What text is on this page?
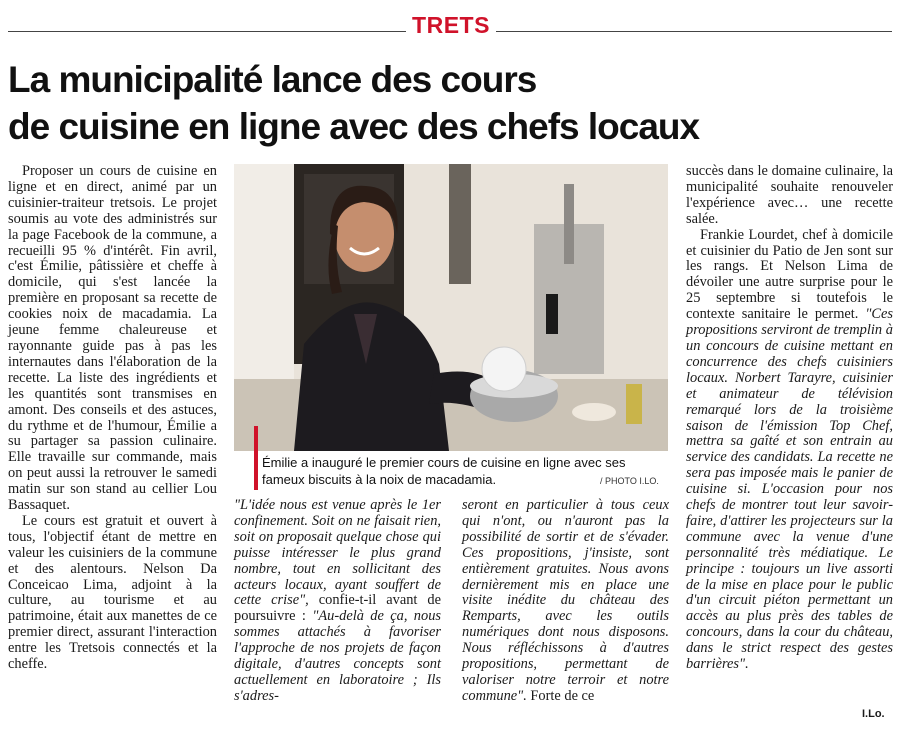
TRETS
La municipalité lance des cours
de cuisine en ligne avec des chefs locaux

Proposer un cours de cuisine en ligne et en direct, animé par un cuisinier-traiteur tretsois. Le projet soumis au vote des administrés sur la page Facebook de la commune, a recueilli 95 % d'intérêt. Fin avril, c'est Émilie, pâtissière et cheffe à domicile, qui s'est lancée la première en proposant sa recette de cookies noix de macadamia. La jeune femme chaleureuse et rayonnante guide pas à pas les internautes dans l'élaboration de la recette. La liste des ingrédients et les quantités sont transmises en amont. Des conseils et des astuces, du rythme et de l'humour, Émilie a su partager sa passion culinaire. Elle travaille sur commande, mais on peut aussi la retrouver le samedi matin sur son stand au cellier Lou Bassaquet.

Le cours est gratuit et ouvert à tous, l'objectif étant de mettre en valeur les cuisiniers de la commune et des alentours. Nelson Da Conceicao Lima, adjoint à la culture, au tourisme et au patrimoine, était aux manettes de ce premier direct, assurant l'interaction entre les Tretsois connectés et la cheffe.

Émilie a inauguré le premier cours de cuisine en ligne avec ses fameux biscuits à la noix de macadamia.	/ PHOTO I.LO.

"L'idée nous est venue après le 1er confinement. Soit on ne faisait rien, soit on proposait quelque chose qui puisse intéresser le plus grand nombre, tout en sollicitant des acteurs locaux, ayant souffert de cette crise", confie-t-il avant de poursuivre : "Au-delà de ça, nous sommes attachés à favoriser l'approche de nos projets de façon digitale, d'autres concepts sont actuellement en laboratoire ; Ils s'adres-

seront en particulier à tous ceux qui n'ont, ou n'auront pas la possibilité de sortir et de s'évader. Ces propositions, j'insiste, sont entièrement gratuites. Nous avons dernièrement mis en place une visite inédite du château des Remparts, avec les outils numériques dont nous disposons. Nous réfléchissons à d'autres propositions, permettant de valoriser notre terroir et notre commune". Forte de ce

succès dans le domaine culinaire, la municipalité souhaite renouveler l'expérience avec… une recette salée.

Frankie Lourdet, chef à domicile et cuisinier du Patio de Jen sont sur les rangs. Et Nelson Lima de dévoiler une autre surprise pour le 25 septembre si toutefois le contexte sanitaire le permet. "Ces propositions serviront de tremplin à un concours de cuisine mettant en concurrence des chefs cuisiniers locaux. Norbert Tarayre, cuisinier et animateur de télévision remarqué lors de la troisième saison de l'émission Top Chef, mettra sa gaîté et son entrain au service des candidats. La recette ne sera pas imposée mais le panier de cuisine si. L'occasion pour nos chefs de montrer tout leur savoir-faire, d'attirer les projecteurs sur la commune avec la venue d'une personnalité très médiatique. Le principe : toujours un live assorti de la mise en place pour le public d'un circuit piéton permettant un accès au plus près des tables de concours, dans la cour du château, dans le strict respect des gestes barrières".

I.Lo.
